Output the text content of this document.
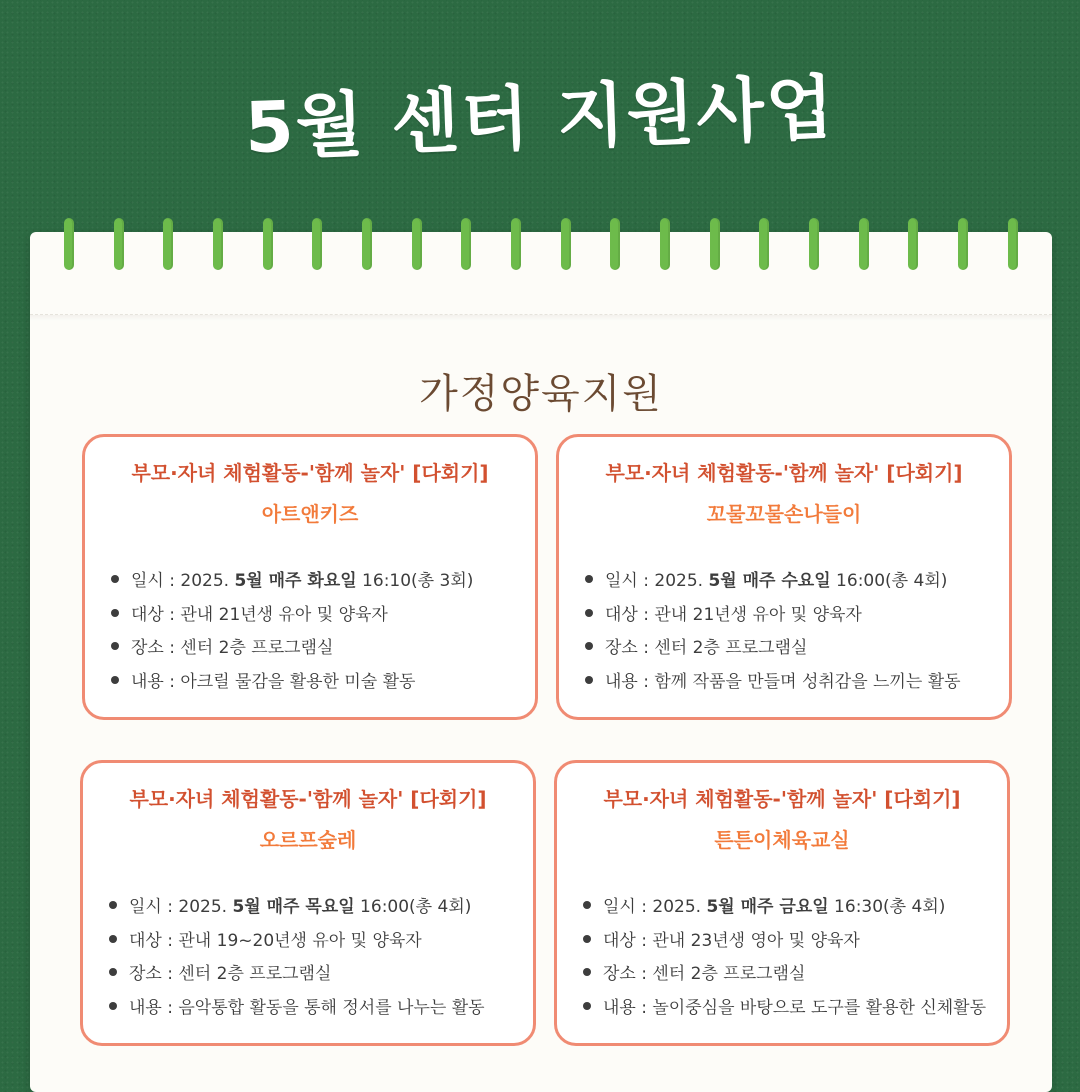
5월 센터 지원사업
가정양육지원
부모·자녀 체험활동-'함께 놀자' [다회기]
아트앤키즈
일시 : 2025. 5월 매주 화요일 16:10(총 3회)
대상 : 관내 21년생 유아 및 양육자
장소 : 센터 2층 프로그램실
내용 : 아크릴 물감을 활용한 미술 활동
부모·자녀 체험활동-'함께 놀자' [다회기]
꼬물꼬물손나들이
일시 : 2025. 5월 매주 수요일 16:00(총 4회)
대상 : 관내 21년생 유아 및 양육자
장소 : 센터 2층 프로그램실
내용 : 함께 작품을 만들며 성취감을 느끼는 활동
부모·자녀 체험활동-'함께 놀자' [다회기]
오르프숲레
일시 : 2025. 5월 매주 목요일 16:00(총 4회)
대상 : 관내 19~20년생 유아 및 양육자
장소 : 센터 2층 프로그램실
내용 : 음악통합 활동을 통해 정서를 나누는 활동
부모·자녀 체험활동-'함께 놀자' [다회기]
튼튼이체육교실
일시 : 2025. 5월 매주 금요일 16:30(총 4회)
대상 : 관내 23년생 영아 및 양육자
장소 : 센터 2층 프로그램실
내용 : 놀이중심을 바탕으로 도구를 활용한 신체활동
